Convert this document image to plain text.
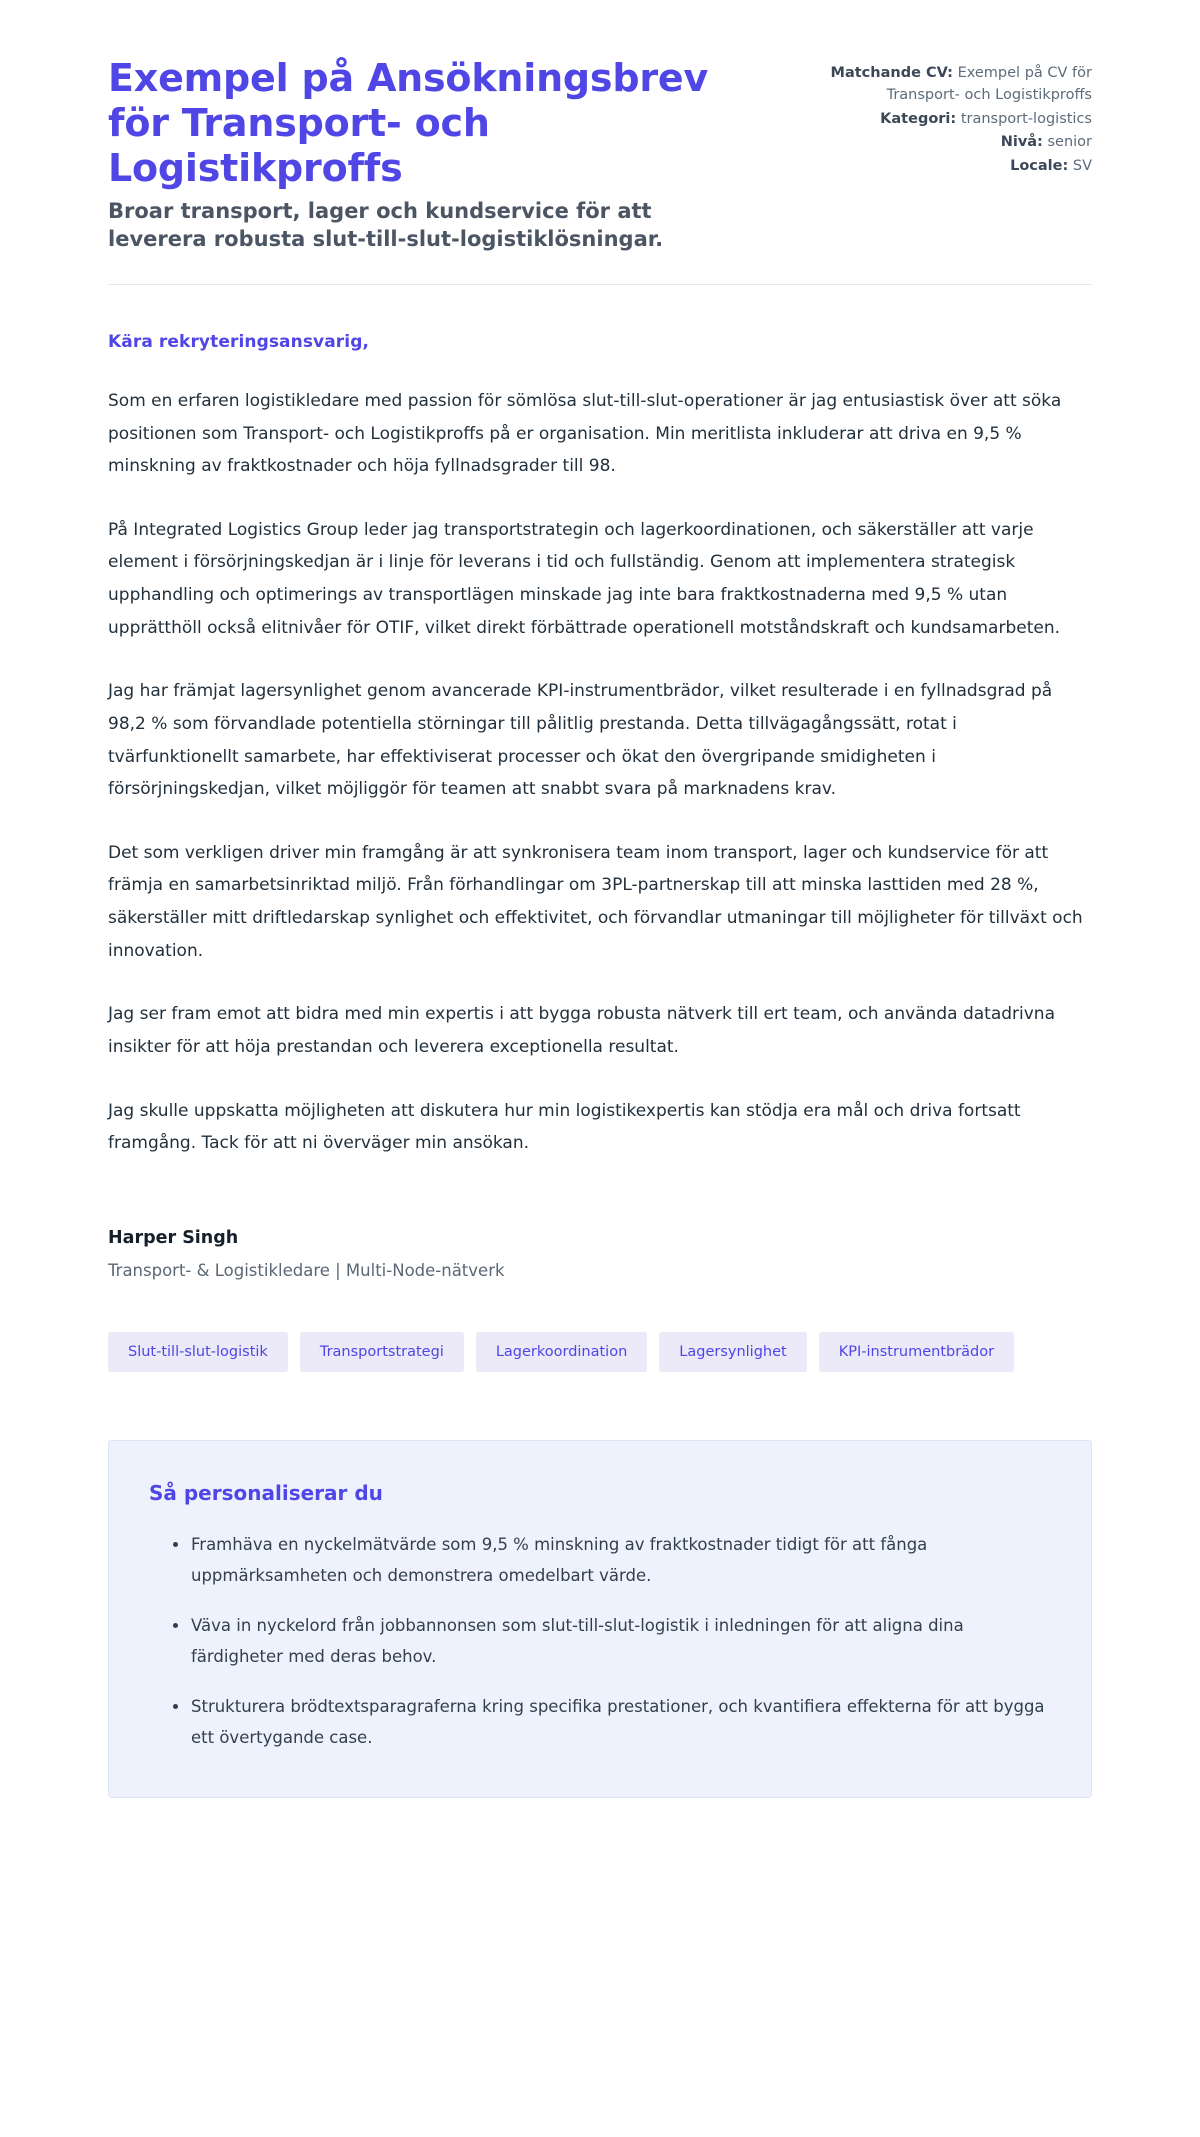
Exempel på Ansökningsbrev för Transport- och Logistikproffs

Broar transport, lager och kundservice för att leverera robusta slut-till-slut-logistiklösningar.

Matchande CV: Exempel på CV för Transport- och Logistikproffs
Kategori: transport-logistics
Nivå: senior
Locale: SV

Kära rekryteringsansvarig,

Som en erfaren logistikledare med passion för sömlösa slut-till-slut-operationer är jag entusiastisk över att söka positionen som Transport- och Logistikproffs på er organisation. Min meritlista inkluderar att driva en 9,5 % minskning av fraktkostnader och höja fyllnadsgrader till 98.

På Integrated Logistics Group leder jag transportstrategin och lagerkoordinationen, och säkerställer att varje element i försörjningskedjan är i linje för leverans i tid och fullständig. Genom att implementera strategisk upphandling och optimerings av transportlägen minskade jag inte bara fraktkostnaderna med 9,5 % utan upprätthöll också elitnivåer för OTIF, vilket direkt förbättrade operationell motståndskraft och kundsamarbeten.

Jag har främjat lagersynlighet genom avancerade KPI-instrumentbrädor, vilket resulterade i en fyllnadsgrad på 98,2 % som förvandlade potentiella störningar till pålitlig prestanda. Detta tillvägagångssätt, rotat i tvärfunktionellt samarbete, har effektiviserat processer och ökat den övergripande smidigheten i försörjningskedjan, vilket möjliggör för teamen att snabbt svara på marknadens krav.

Det som verkligen driver min framgång är att synkronisera team inom transport, lager och kundservice för att främja en samarbetsinriktad miljö. Från förhandlingar om 3PL-partnerskap till att minska lasttiden med 28 %, säkerställer mitt driftledarskap synlighet och effektivitet, och förvandlar utmaningar till möjligheter för tillväxt och innovation.

Jag ser fram emot att bidra med min expertis i att bygga robusta nätverk till ert team, och använda datadrivna insikter för att höja prestandan och leverera exceptionella resultat.

Jag skulle uppskatta möjligheten att diskutera hur min logistikexpertis kan stödja era mål och driva fortsatt framgång. Tack för att ni överväger min ansökan.

Harper Singh

Transport- & Logistikledare | Multi-Node-nätverk

Slut-till-slut-logistik	Transportstrategi	Lagerkoordination	Lagersynlighet	KPI-instrumentbrädor
Så personaliserar du
Framhäva en nyckelmätvärde som 9,5 % minskning av fraktkostnader tidigt för att fånga uppmärksamheten och demonstrera omedelbart värde.
Väva in nyckelord från jobbannonsen som slut-till-slut-logistik i inledningen för att aligna dina färdigheter med deras behov.
Strukturera brödtextsparagraferna kring specifika prestationer, och kvantifiera effekterna för att bygga ett övertygande case.
